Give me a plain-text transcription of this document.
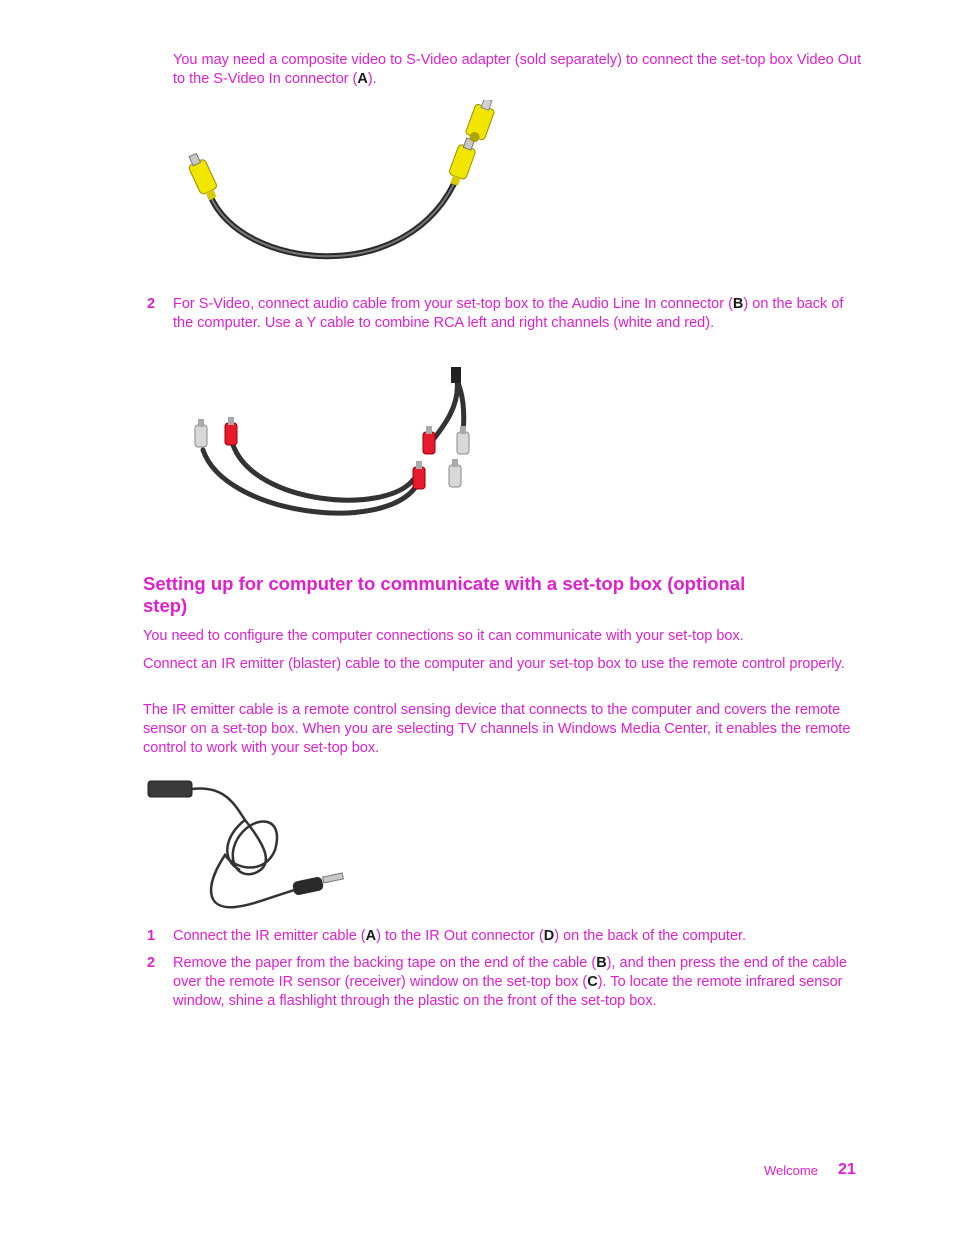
You may need a composite video to S-Video adapter (sold separately) to connect the set-top box Video Out to the S-Video In connector (A).

2 For S-Video, connect audio cable from your set-top box to the Audio Line In connector (B) on the back of the computer. Use a Y cable to combine RCA left and right channels (white and red).

Setting up for computer to communicate with a set-top box (optional step)

You need to configure the computer connections so it can communicate with your set-top box.

Connect an IR emitter (blaster) cable to the computer and your set-top box to use the remote control properly.

The IR emitter cable is a remote control sensing device that connects to the computer and covers the remote sensor on a set-top box. When you are selecting TV channels in Windows Media Center, it enables the remote control to work with your set-top box.

1 Connect the IR emitter cable (A) to the IR Out connector (D) on the back of the computer.

2 Remove the paper from the backing tape on the end of the cable (B), and then press the end of the cable over the remote IR sensor (receiver) window on the set-top box (C). To locate the remote infrared sensor window, shine a flashlight through the plastic on the front of the set-top box.

Welcome 21
